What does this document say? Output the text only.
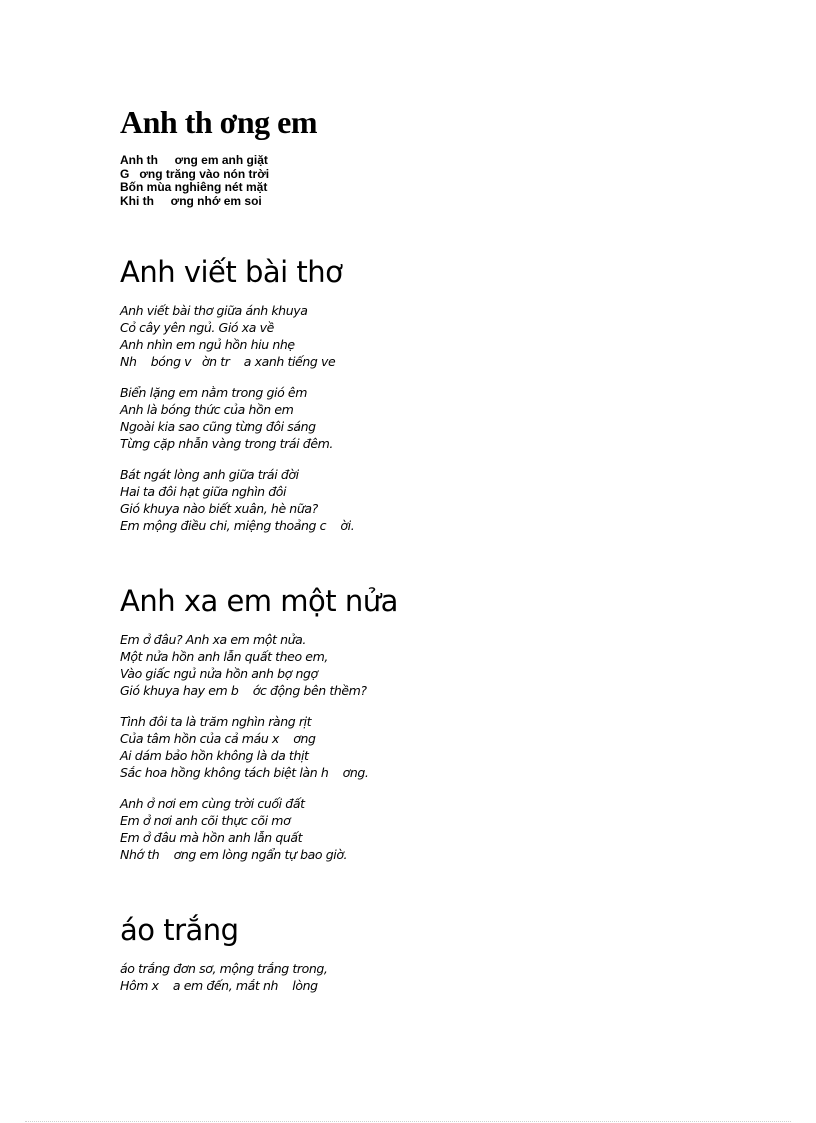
Anh th ơng em

Anh th     ơng em anh giặt
G   ơng trăng vào nón trời
Bốn mùa nghiêng nét mặt
Khi th     ơng nhớ em soi

Anh viết bài thơ

Anh viết bài thơ giữa ánh khuya
Cỏ cây yên ngủ. Gió xa về
Anh nhìn em ngủ hồn hiu nhẹ
Nh    bóng v   ờn tr    a xanh tiếng ve

Biển lặng em nằm trong gió êm
Anh là bóng thức của hồn em
Ngoài kia sao cũng từng đôi sáng
Từng cặp nhẫn vàng trong trái đêm.

Bát ngát lòng anh giữa trái đời
Hai ta đôi hạt giữa nghìn đôi
Gió khuya nào biết xuân, hè nữa?
Em mộng điều chi, miệng thoảng c    ời.

Anh xa em một nửa

Em ở đâu? Anh xa em một nửa.
Một nửa hồn anh lẫn quất theo em,
Vào giấc ngủ nửa hồn anh bợ ngợ
Gió khuya hay em b    ớc động bên thềm?

Tình đôi ta là trăm nghìn ràng rịt
Của tâm hồn của cả máu x    ơng
Ai dám bảo hồn không là da thịt
Sắc hoa hồng không tách biệt làn h    ơng.

Anh ở nơi em cùng trời cuối đất
Em ở nơi anh cõi thực cõi mơ
Em ở đâu mà hồn anh lẫn quất
Nhớ th    ơng em lòng ngẩn tự bao giờ.

áo trắng

áo trắng đơn sơ, mộng trắng trong,
Hôm x    a em đến, mắt nh    lòng
